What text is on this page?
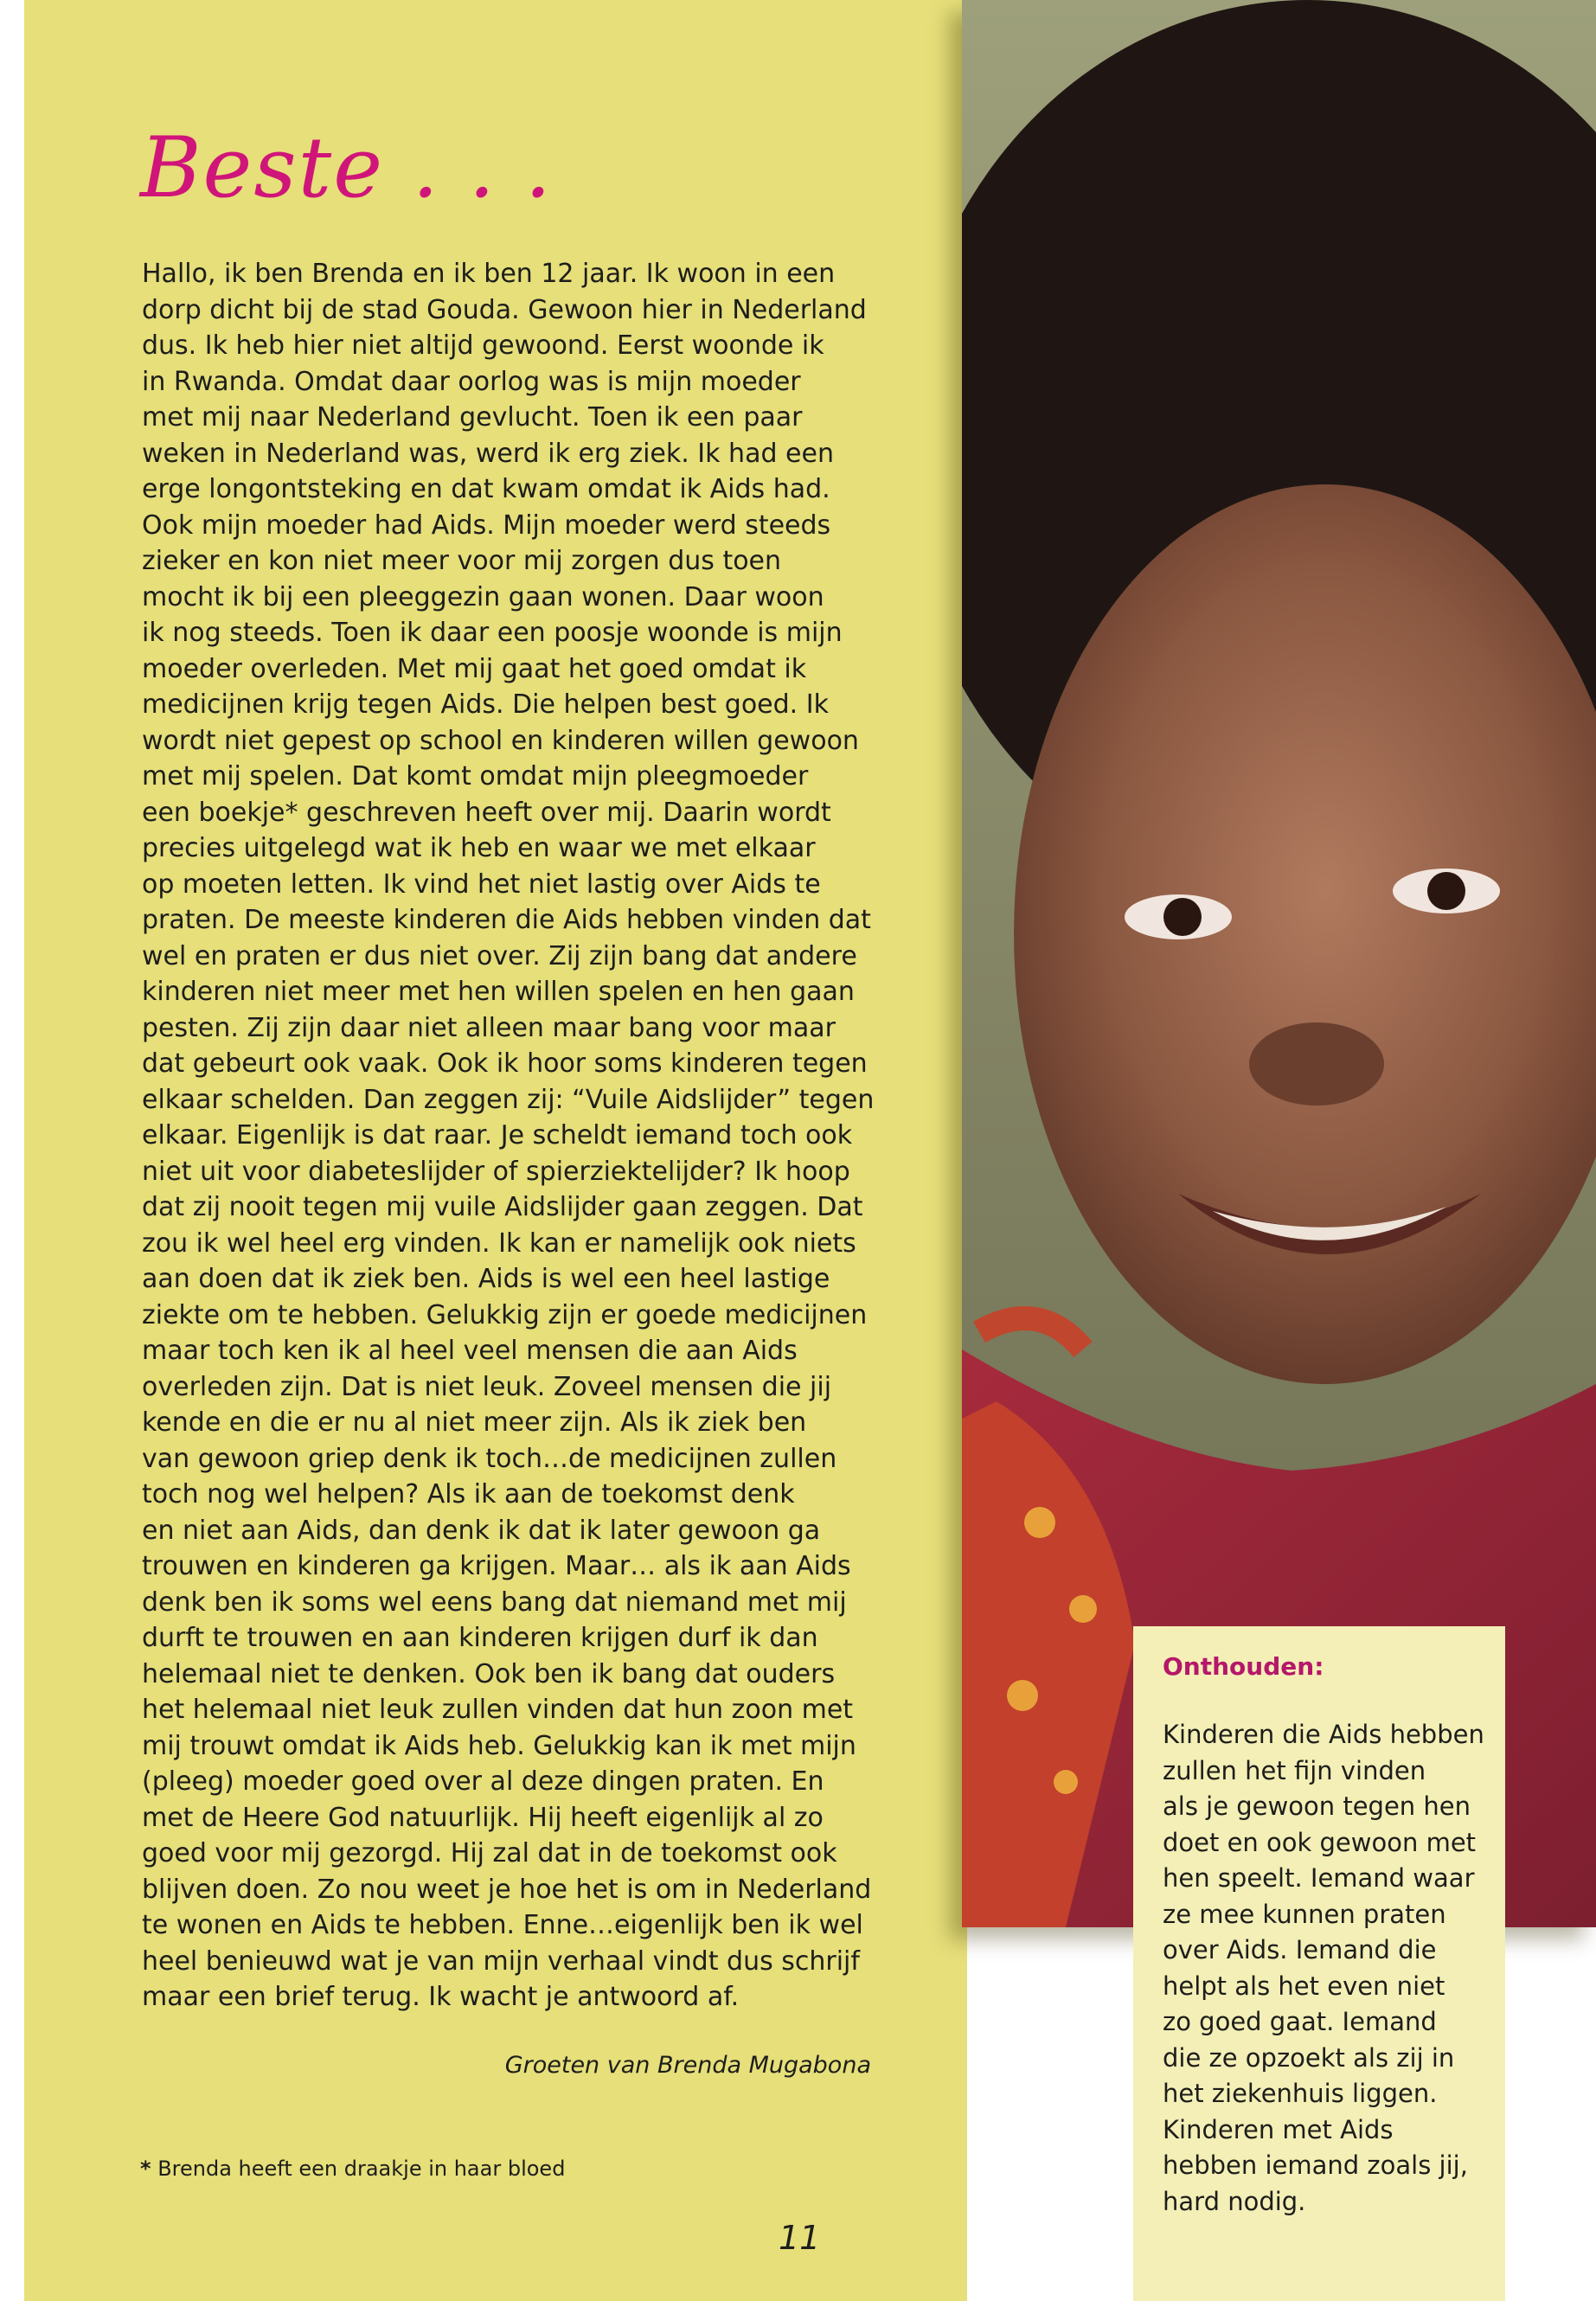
Beste . . .
Hallo, ik ben Brenda en ik ben 12 jaar. Ik woon in een
dorp dicht bij de stad Gouda. Gewoon hier in Nederland
dus. Ik heb hier niet altijd gewoond. Eerst woonde ik
in Rwanda. Omdat daar oorlog was is mijn moeder
met mij naar Nederland gevlucht. Toen ik een paar
weken in Nederland was, werd ik erg ziek. Ik had een
erge longontsteking en dat kwam omdat ik Aids had.
Ook mijn moeder had Aids. Mijn moeder werd steeds
zieker en kon niet meer voor mij zorgen dus toen
mocht ik bij een pleeggezin gaan wonen. Daar woon
ik nog steeds. Toen ik daar een poosje woonde is mijn
moeder overleden. Met mij gaat het goed omdat ik
medicijnen krijg tegen Aids. Die helpen best goed. Ik
wordt niet gepest op school en kinderen willen gewoon
met mij spelen. Dat komt omdat mijn pleegmoeder
een boekje* geschreven heeft over mij. Daarin wordt
precies uitgelegd wat ik heb en waar we met elkaar
op moeten letten. Ik vind het niet lastig over Aids te
praten. De meeste kinderen die Aids hebben vinden dat
wel en praten er dus niet over. Zij zijn bang dat andere
kinderen niet meer met hen willen spelen en hen gaan
pesten. Zij zijn daar niet alleen maar bang voor maar
dat gebeurt ook vaak. Ook ik hoor soms kinderen tegen
elkaar schelden. Dan zeggen zij: “Vuile Aidslijder” tegen
elkaar. Eigenlijk is dat raar. Je scheldt iemand toch ook
niet uit voor diabeteslijder of spierziektelijder? Ik hoop
dat zij nooit tegen mij vuile Aidslijder gaan zeggen. Dat
zou ik wel heel erg vinden. Ik kan er namelijk ook niets
aan doen dat ik ziek ben. Aids is wel een heel lastige
ziekte om te hebben. Gelukkig zijn er goede medicijnen
maar toch ken ik al heel veel mensen die aan Aids
overleden zijn. Dat is niet leuk. Zoveel mensen die jij
kende en die er nu al niet meer zijn. Als ik ziek ben
van gewoon griep denk ik toch…de medicijnen zullen
toch nog wel helpen? Als ik aan de toekomst denk
en niet aan Aids, dan denk ik dat ik later gewoon ga
trouwen en kinderen ga krijgen. Maar… als ik aan Aids
denk ben ik soms wel eens bang dat niemand met mij
durft te trouwen en aan kinderen krijgen durf ik dan
helemaal niet te denken. Ook ben ik bang dat ouders
het helemaal niet leuk zullen vinden dat hun zoon met
mij trouwt omdat ik Aids heb. Gelukkig kan ik met mijn
(pleeg) moeder goed over al deze dingen praten. En
met de Heere God natuurlijk. Hij heeft eigenlijk al zo
goed voor mij gezorgd. Hij zal dat in de toekomst ook
blijven doen. Zo nou weet je hoe het is om in Nederland
te wonen en Aids te hebben. Enne…eigenlijk ben ik wel
heel benieuwd wat je van mijn verhaal vindt dus schrijf
maar een brief terug. Ik wacht je antwoord af.
Groeten van Brenda Mugabona
* Brenda heeft een draakje in haar bloed
11
Onthouden:
Kinderen die Aids hebben
zullen het fijn vinden
als je gewoon tegen hen
doet en ook gewoon met
hen speelt. Iemand waar
ze mee kunnen praten
over Aids. Iemand die
helpt als het even niet
zo goed gaat. Iemand
die ze opzoekt als zij in
het ziekenhuis liggen.
Kinderen met Aids
hebben iemand zoals jij,
hard nodig.
